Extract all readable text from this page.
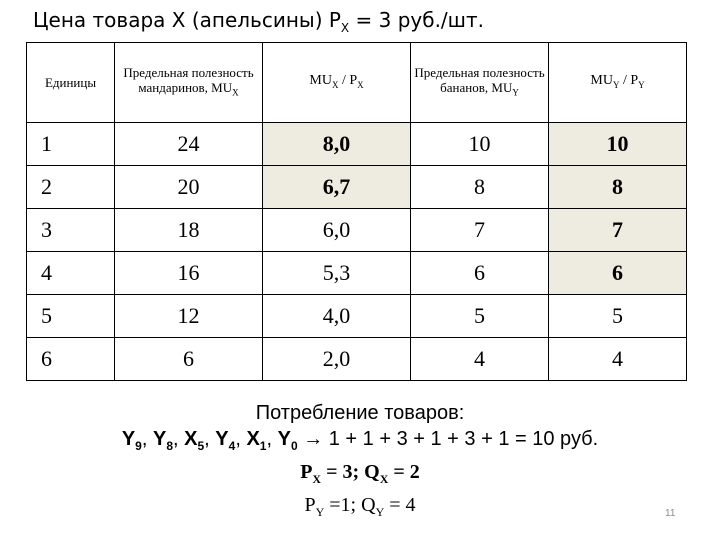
Цена товара X (апельсины) $P_X = 3$ руб./шт.
Единицы	Предельная полезность мандаринов, $MU_X$	$MU_X / P_X$	Предельная полезность бананов, $MU_Y$	$MU_Y / P_Y$
1	24	8,0	10	10
2	20	6,7	8	8
3	18	6,0	7	7
4	16	5,3	6	6
5	12	4,0	5	5
6	6	2,0	4	4
Потребление товаров:
$Y_9$, $Y_8$, $X_5$, $Y_4$, $X_1$, $Y_0 \to 1 + 1 + 3 + 1 + 3 + 1 = 10$ руб.
$P_X = 3$; $Q_X = 2$
$P_Y =1$; $Q_Y = 4$	11
